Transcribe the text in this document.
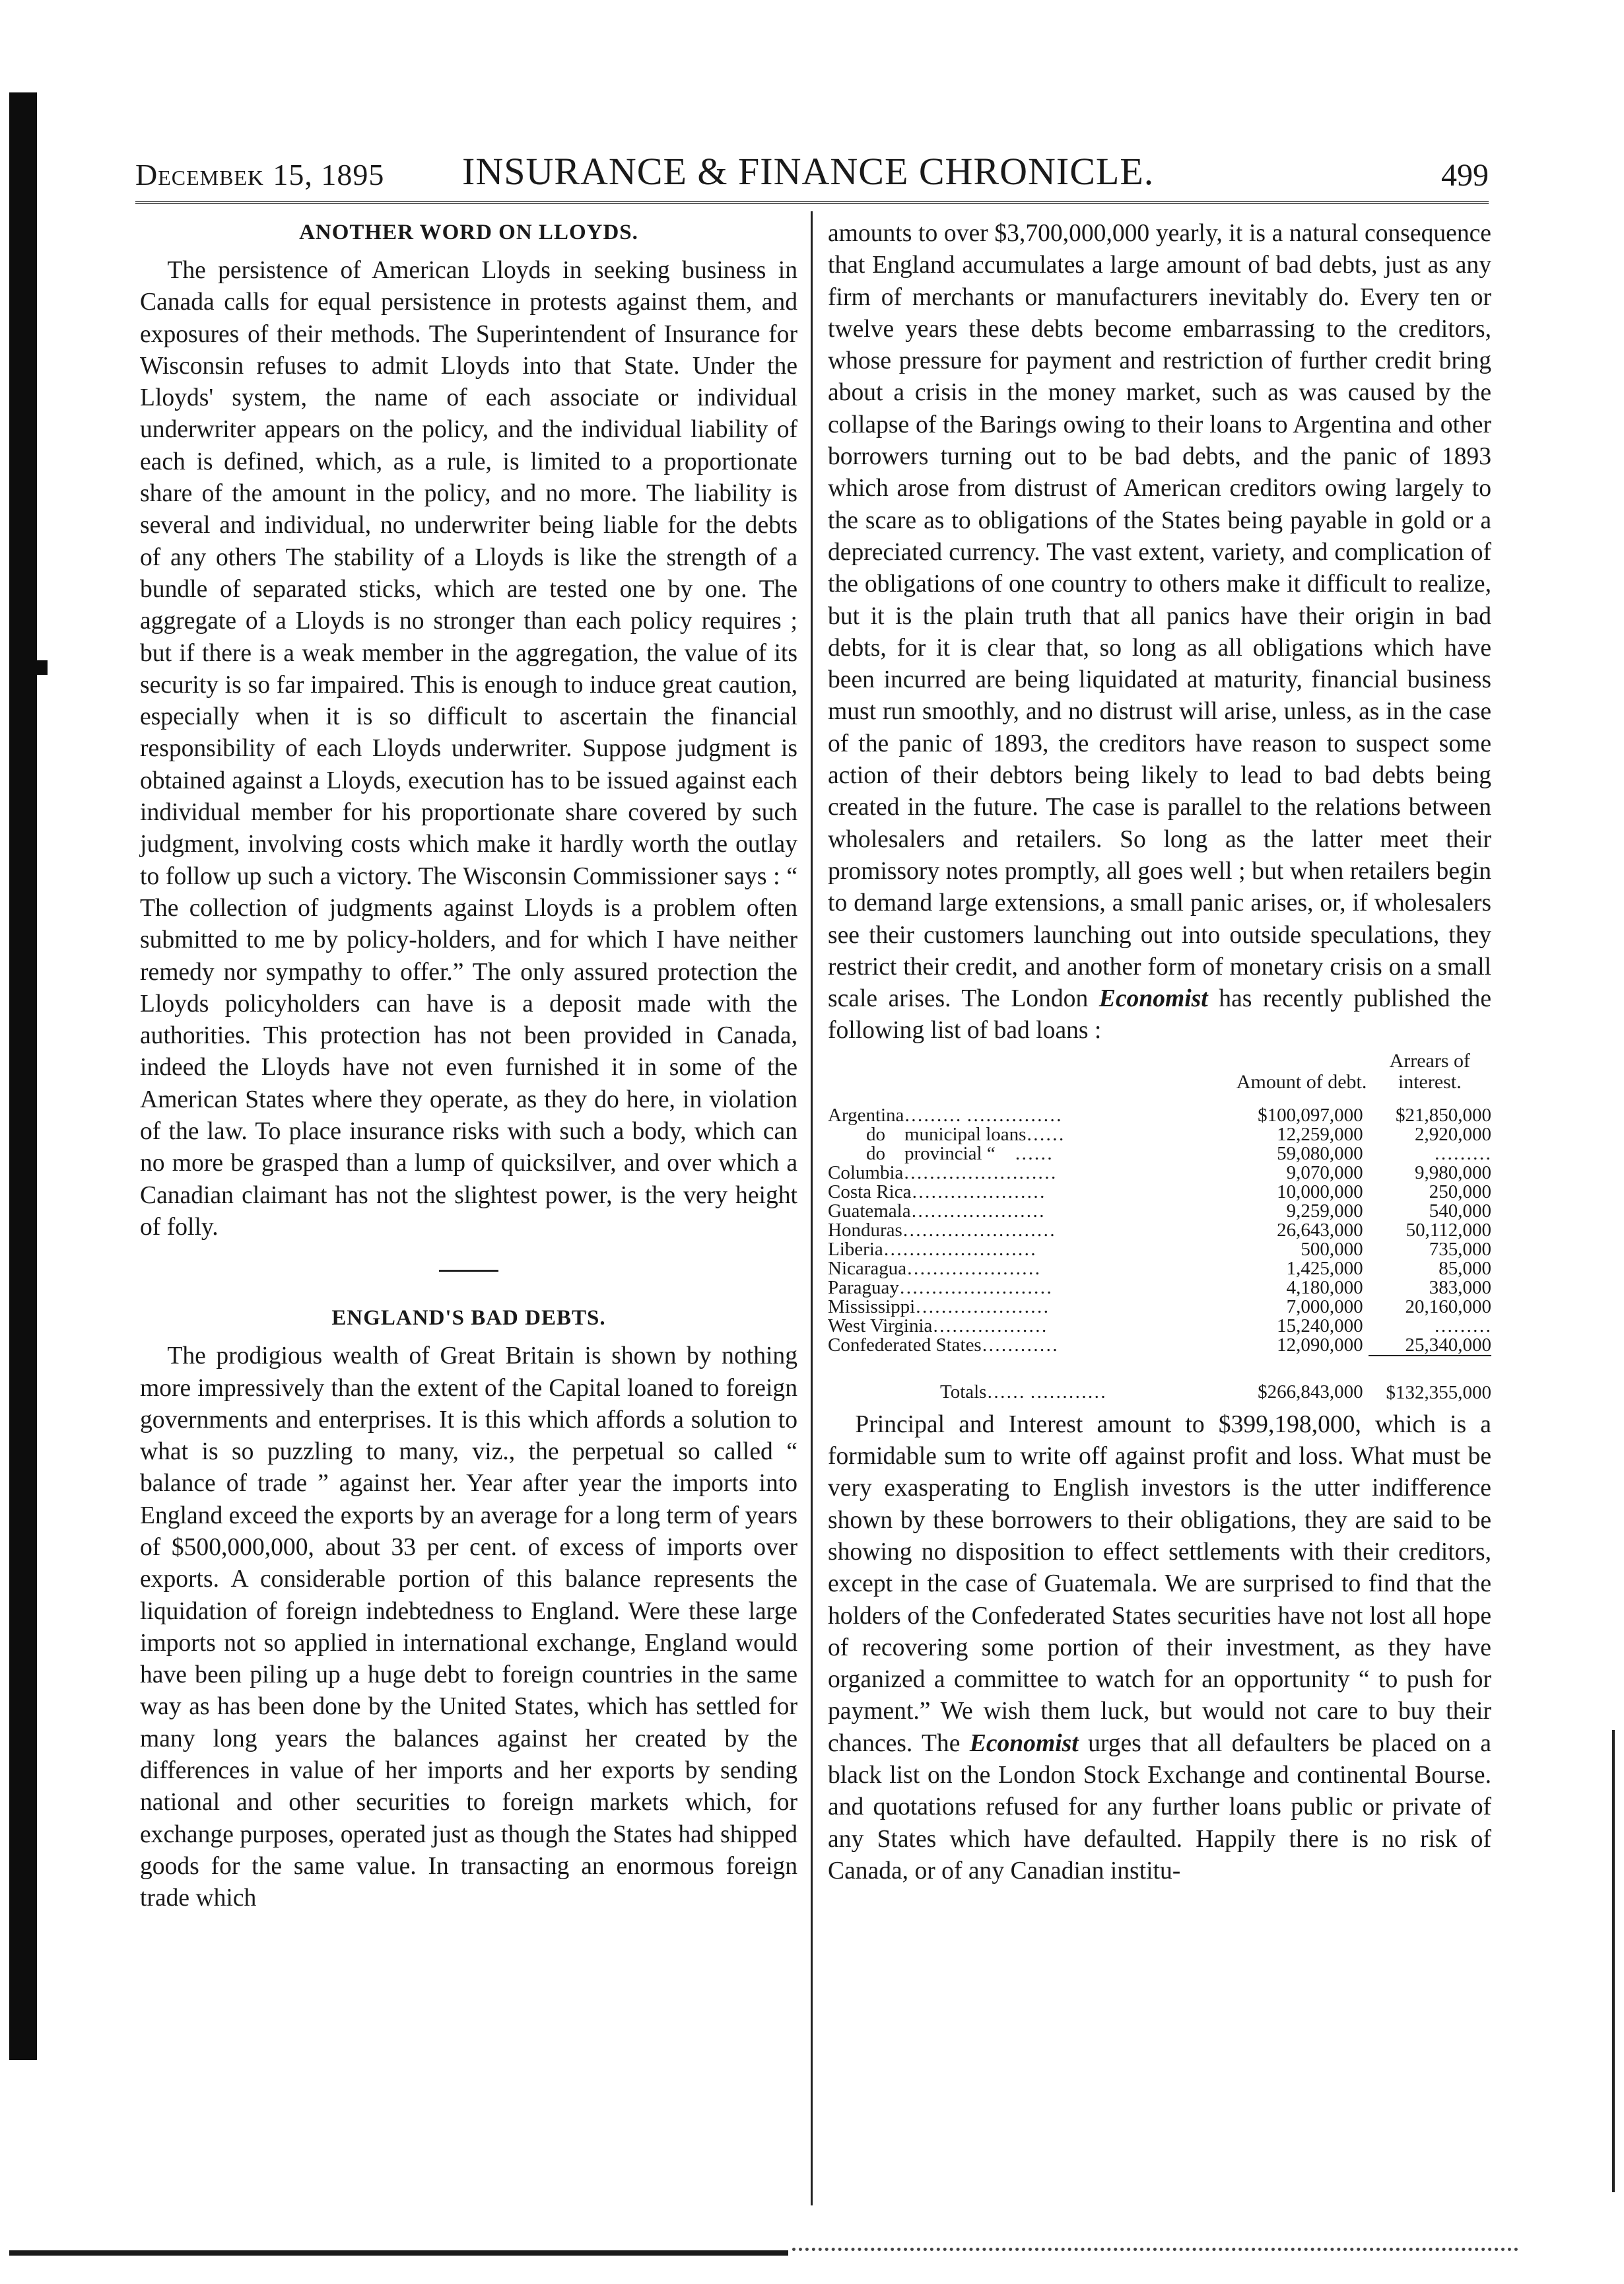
Decembeᴋ 15, 1895 INSURANCE & FINANCE CHRONICLE.	499
ANOTHER WORD ON LLOYDS.

The persistence of American Lloyds in seeking business in Canada calls for equal persistence in protests against them, and exposures of their methods. The Superintendent of Insurance for Wisconsin refuses to admit Lloyds into that State. Under the Lloyds' system, the name of each associate or individual underwriter appears on the policy, and the individual liability of each is defined, which, as a rule, is limited to a proportionate share of the amount in the policy, and no more. The liability is several and individual, no underwriter being liable for the debts of any others The stability of a Lloyds is like the strength of a bundle of separated sticks, which are tested one by one. The aggregate of a Lloyds is no stronger than each policy requires ; but if there is a weak member in the aggregation, the value of its security is so far impaired. This is enough to induce great caution, especially when it is so difficult to ascertain the financial responsibility of each Lloyds underwriter. Suppose judgment is obtained against a Lloyds, execution has to be issued against each individual member for his proportionate share covered by such judgment, involving costs which make it hardly worth the outlay to follow up such a victory. The Wisconsin Commissioner says : “ The collection of judgments against Lloyds is a problem often submitted to me by policy-holders, and for which I have neither remedy nor sympathy to offer.” The only assured protection the Lloyds policyholders can have is a deposit made with the authorities. This protection has not been provided in Canada, indeed the Lloyds have not even furnished it in some of the American States where they operate, as they do here, in violation of the law. To place insurance risks with such a body, which can no more be grasped than a lump of quicksilver, and over which a Canadian claimant has not the slightest power, is the very height of folly.

ENGLAND'S BAD DEBTS.

The prodigious wealth of Great Britain is shown by nothing more impressively than the extent of the Capital loaned to foreign governments and enterprises. It is this which affords a solution to what is so puzzling to many, viz., the perpetual so called “ balance of trade ” against her. Year after year the imports into England exceed the exports by an average for a long term of years of $500,000,000, about 33 per cent. of excess of imports over exports. A considerable portion of this balance represents the liquidation of foreign indebtedness to England. Were these large imports not so applied in international exchange, England would have been piling up a huge debt to foreign countries in the same way as has been done by the United States, which has settled for many long years the balances against her created by the differences in value of her imports and her exports by sending national and other securities to foreign markets which, for exchange purposes, operated just as though the States had shipped goods for the same value. In transacting an enormous foreign trade which

amounts to over $3,700,000,000 yearly, it is a natural consequence that England accumulates a large amount of bad debts, just as any firm of merchants or manufacturers inevitably do. Every ten or twelve years these debts become embarrassing to the creditors, whose pressure for payment and restriction of further credit bring about a crisis in the money market, such as was caused by the collapse of the Barings owing to their loans to Argentina and other borrowers turning out to be bad debts, and the panic of 1893 which arose from distrust of American creditors owing largely to the scare as to obligations of the States being payable in gold or a depreciated currency. The vast extent, variety, and complication of the obligations of one country to others make it difficult to realize, but it is the plain truth that all panics have their origin in bad debts, for it is clear that, so long as all obligations which have been incurred are being liquidated at maturity, financial business must run smoothly, and no distrust will arise, unless, as in the case of the panic of 1893, the creditors have reason to suspect some action of their debtors being likely to lead to bad debts being created in the future. The case is parallel to the relations between wholesalers and retailers. So long as the latter meet their promissory notes promptly, all goes well ; but when retailers begin to demand large extensions, a small panic arises, or, if wholesalers see their customers launching out into outside speculations, they restrict their credit, and another form of monetary crisis on a small scale arises. The London Economist has recently published the following list of bad loans :

	Amount of debt.	Arrears of interest.
Argentina……… ……………	$100,097,000	$21,850,000
  do municipal loans……	12,259,000	2,920,000
  do provincial “ ……	59,080,000	………
Columbia……………………	9,070,000	9,980,000
Costa Rica…………………	10,000,000	250,000
Guatemala…………………	9,259,000	540,000
Honduras……………………	26,643,000	50,112,000
Liberia……………………	500,000	735,000
Nicaragua…………………	1,425,000	85,000
Paraguay……………………	4,180,000	383,000
Mississippi…………………	7,000,000	20,160,000
West Virginia………………	15,240,000	………
Confederated States…………	12,090,000	25,340,000
Totals…… …………	$266,843,000	$132,355,000

Principal and Interest amount to $399,198,000, which is a formidable sum to write off against profit and loss. What must be very exasperating to English investors is the utter indifference shown by these borrowers to their obligations, they are said to be showing no disposition to effect settlements with their creditors, except in the case of Guatemala. We are surprised to find that the holders of the Confederated States securities have not lost all hope of recovering some portion of their investment, as they have organized a committee to watch for an opportunity “ to push for payment.” We wish them luck, but would not care to buy their chances. The Economist urges that all defaulters be placed on a black list on the London Stock Exchange and continental Bourse. and quotations refused for any further loans public or private of any States which have defaulted. Happily there is no risk of Canada, or of any Canadian institu-
